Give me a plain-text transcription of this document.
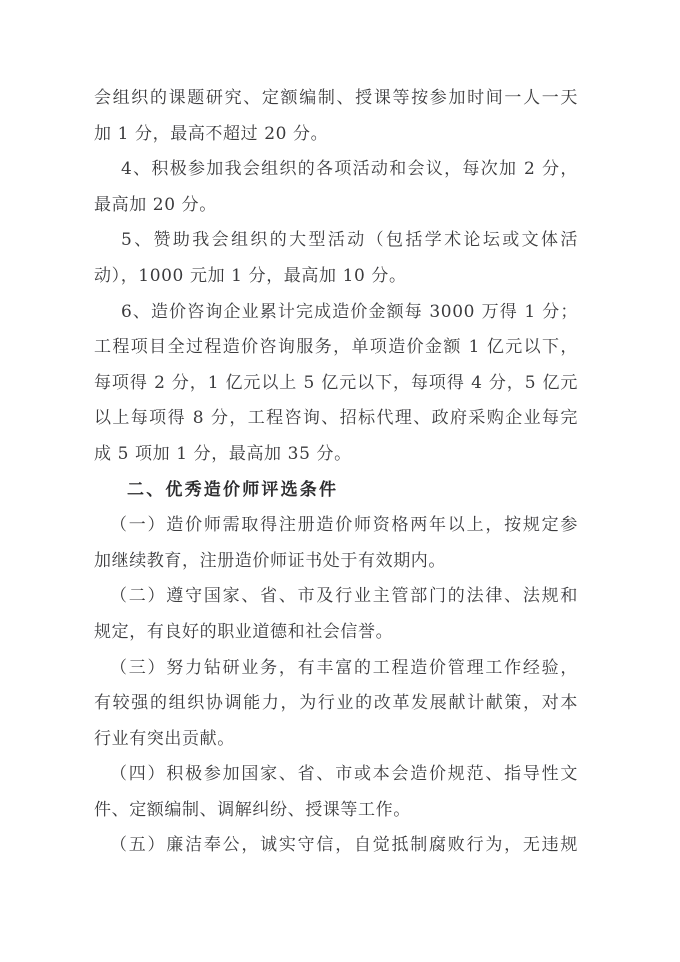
会组织的课题研究、定额编制、授课等按参加时间一人一天

加 1 分，最高不超过 20 分。

4、积极参加我会组织的各项活动和会议，每次加 2 分，

最高加 20 分。

5、赞助我会组织的大型活动（包括学术论坛或文体活

动），1000 元加 1 分，最高加 10 分。

6、造价咨询企业累计完成造价金额每 3000 万得 1 分；

工程项目全过程造价咨询服务，单项造价金额 1 亿元以下，

每项得 2 分，1 亿元以上 5 亿元以下，每项得 4 分，5 亿元

以上每项得 8 分，工程咨询、招标代理、政府采购企业每完

成 5 项加 1 分，最高加 35 分。

二、优秀造价师评选条件

（一）造价师需取得注册造价师资格两年以上，按规定参

加继续教育，注册造价师证书处于有效期内。

（二）遵守国家、省、市及行业主管部门的法律、法规和

规定，有良好的职业道德和社会信誉。

（三）努力钻研业务，有丰富的工程造价管理工作经验，

有较强的组织协调能力，为行业的改革发展献计献策，对本

行业有突出贡献。

（四）积极参加国家、省、市或本会造价规范、指导性文

件、定额编制、调解纠纷、授课等工作。

（五）廉洁奉公，诚实守信，自觉抵制腐败行为，无违规
